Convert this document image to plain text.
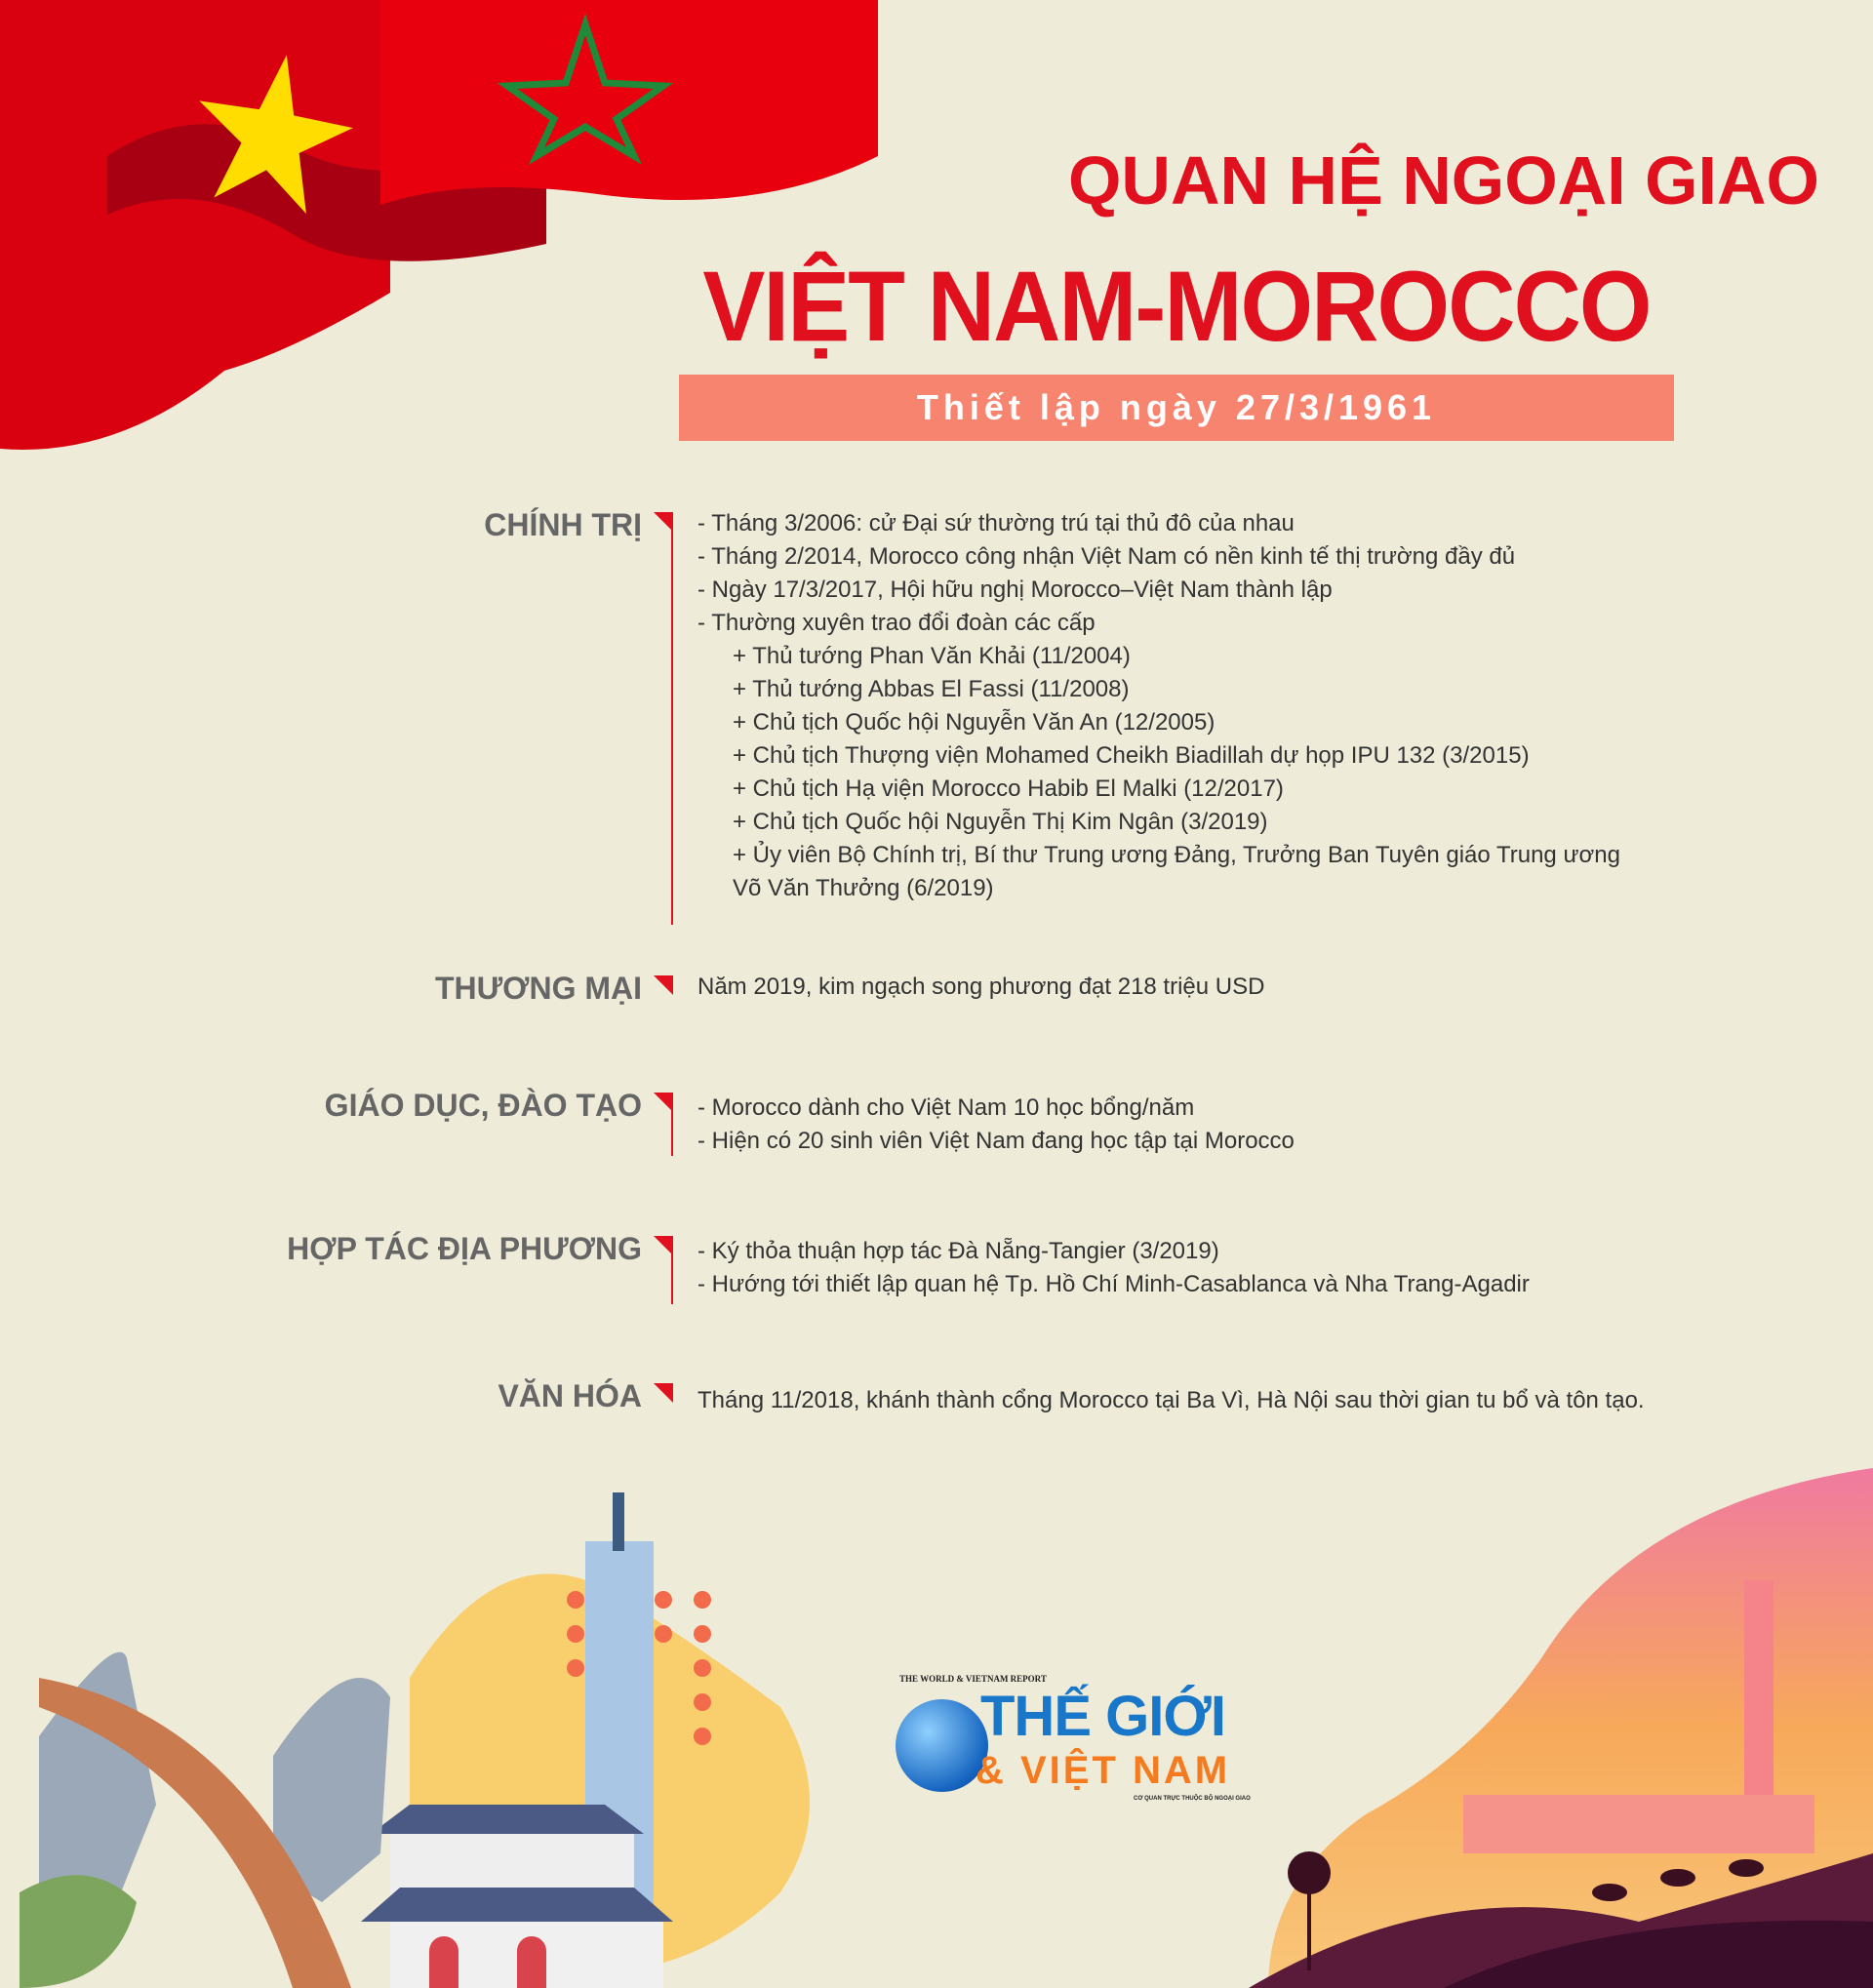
QUAN HỆ NGOẠI GIAO
VIỆT NAM-MOROCCO
Thiết lập ngày 27/3/1961
CHÍNH TRỊ - Tháng 3/2006: cử Đại sứ thường trú tại thủ đô của nhau
- Tháng 2/2014, Morocco công nhận Việt Nam có nền kinh tế thị trường đầy đủ
- Ngày 17/3/2017, Hội hữu nghị Morocco–Việt Nam thành lập
- Thường xuyên trao đổi đoàn các cấp
+ Thủ tướng Phan Văn Khải (11/2004)
+ Thủ tướng Abbas El Fassi (11/2008)
+ Chủ tịch Quốc hội Nguyễn Văn An (12/2005)
+ Chủ tịch Thượng viện Mohamed Cheikh Biadillah dự họp IPU 132 (3/2015)
+ Chủ tịch Hạ viện Morocco Habib El Malki (12/2017)
+ Chủ tịch Quốc hội Nguyễn Thị Kim Ngân (3/2019)
+ Ủy viên Bộ Chính trị, Bí thư Trung ương Đảng, Trưởng Ban Tuyên giáo Trung ương
Võ Văn Thưởng (6/2019)
THƯƠNG MẠI Năm 2019, kim ngạch song phương đạt 218 triệu USD
GIÁO DỤC, ĐÀO TẠO - Morocco dành cho Việt Nam 10 học bổng/năm
- Hiện có 20 sinh viên Việt Nam đang học tập tại Morocco
HỢP TÁC ĐỊA PHƯƠNG - Ký thỏa thuận hợp tác Đà Nẵng-Tangier (3/2019)
- Hướng tới thiết lập quan hệ Tp. Hồ Chí Minh-Casablanca và Nha Trang-Agadir
VĂN HÓA Tháng 11/2018, khánh thành cổng Morocco tại Ba Vì, Hà Nội sau thời gian tu bổ và tôn tạo.
THE WORLD & VIETNAM REPORT
THẾ GIỚI
& VIỆT NAM
CƠ QUAN TRỰC THUỘC BỘ NGOẠI GIAO
